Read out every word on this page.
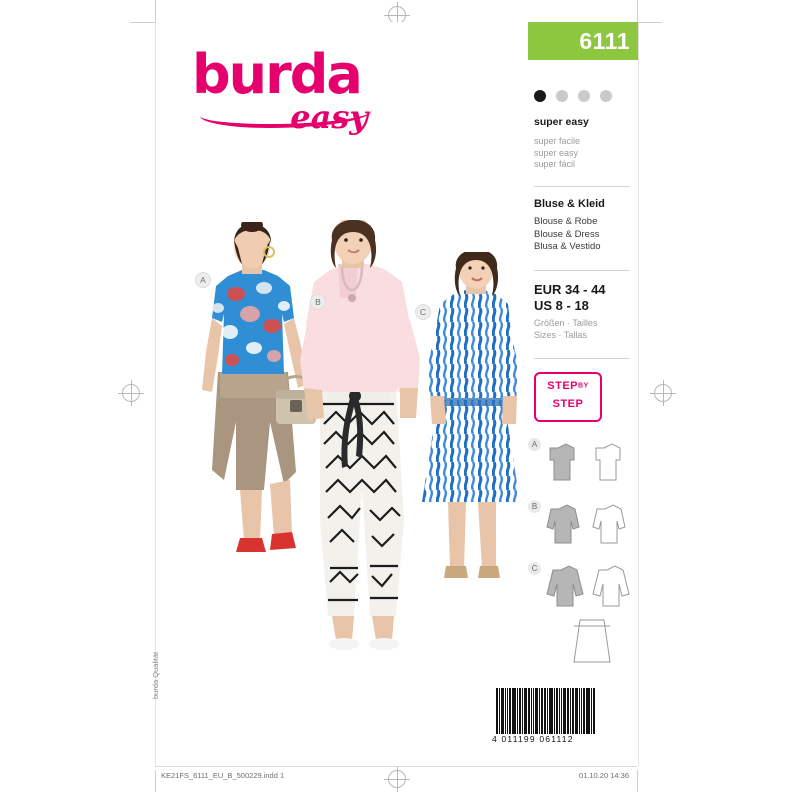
burda
easy
6111
super easy
super facile
super easy
super fácil
Bluse & Kleid
Blouse & Robe
Blouse & Dress
Blusa & Vestido
EUR 34 - 44
US 8 - 18
Größen · Tailles
Sizes · Tallas
STEPBY
STEP
A
B
C
4 011199 061112
burda Qualität
KE21FS_6111_EU_B_500229.indd 1	01.10.20 14:36
A
B
C
